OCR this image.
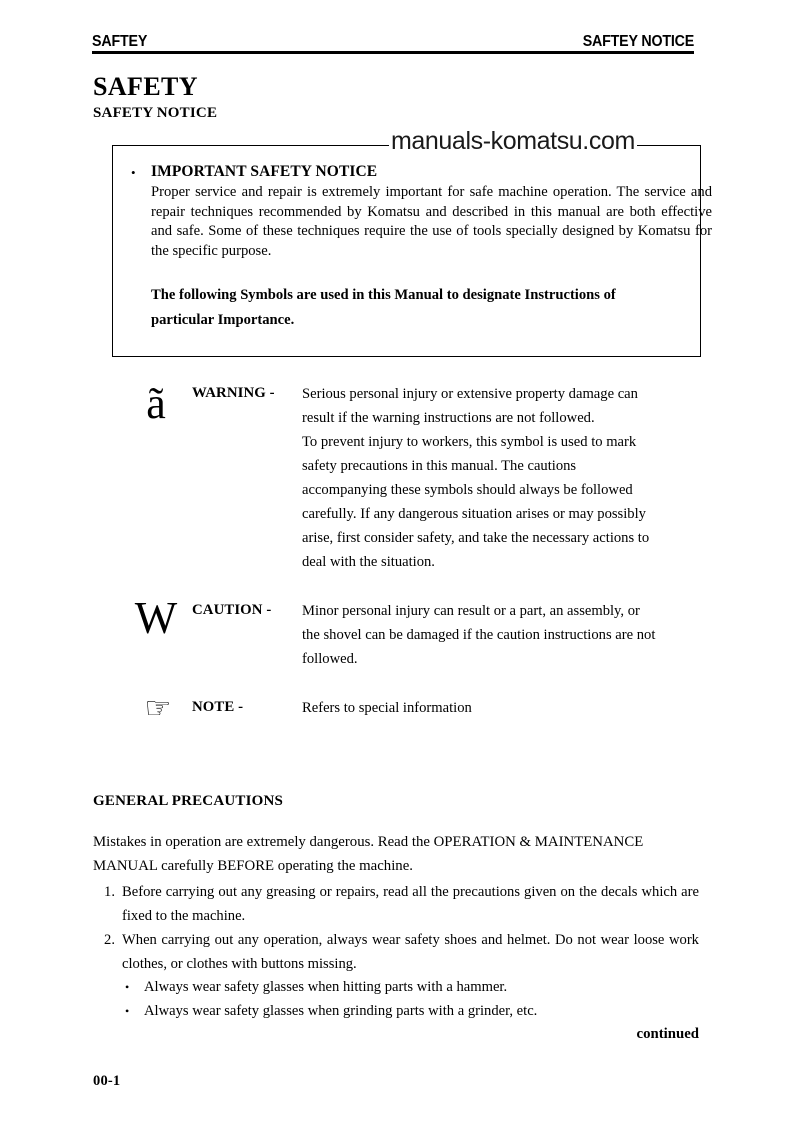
SAFTEY	SAFTEY NOTICE
SAFETY
SAFETY NOTICE
manuals-komatsu.com
• IMPORTANT SAFETY NOTICE
Proper service and repair is extremely important for safe machine operation. The service and repair techniques recommended by Komatsu and described in this manual are both effective and safe. Some of these techniques require the use of tools specially designed by Komatsu for the specific purpose.
The following Symbols are used in this Manual to designate Instructions of
particular Importance.
ã	WARNING - Serious personal injury or extensive property damage can
result if the warning instructions are not followed.
To prevent injury to workers, this symbol is used to mark
safety precautions in this manual. The cautions
accompanying these symbols should always be followed
carefully. If any dangerous situation arises or may possibly
arise, first consider safety, and take the necessary actions to
deal with the situation.
W CAUTION - Minor personal injury can result or a part, an assembly, or
the shovel can be damaged if the caution instructions are not
followed.
☞	NOTE -	Refers to special information
GENERAL PRECAUTIONS
Mistakes in operation are extremely dangerous. Read the OPERATION & MAINTENANCE
MANUAL carefully BEFORE operating the machine.
1. Before carrying out any greasing or repairs, read all the precautions given on the decals which are fixed to the machine.
2. When carrying out any operation, always wear safety shoes and helmet. Do not wear loose work clothes, or clothes with buttons missing.
• Always wear safety glasses when hitting parts with a hammer.
• Always wear safety glasses when grinding parts with a grinder, etc.
continued
00-1
